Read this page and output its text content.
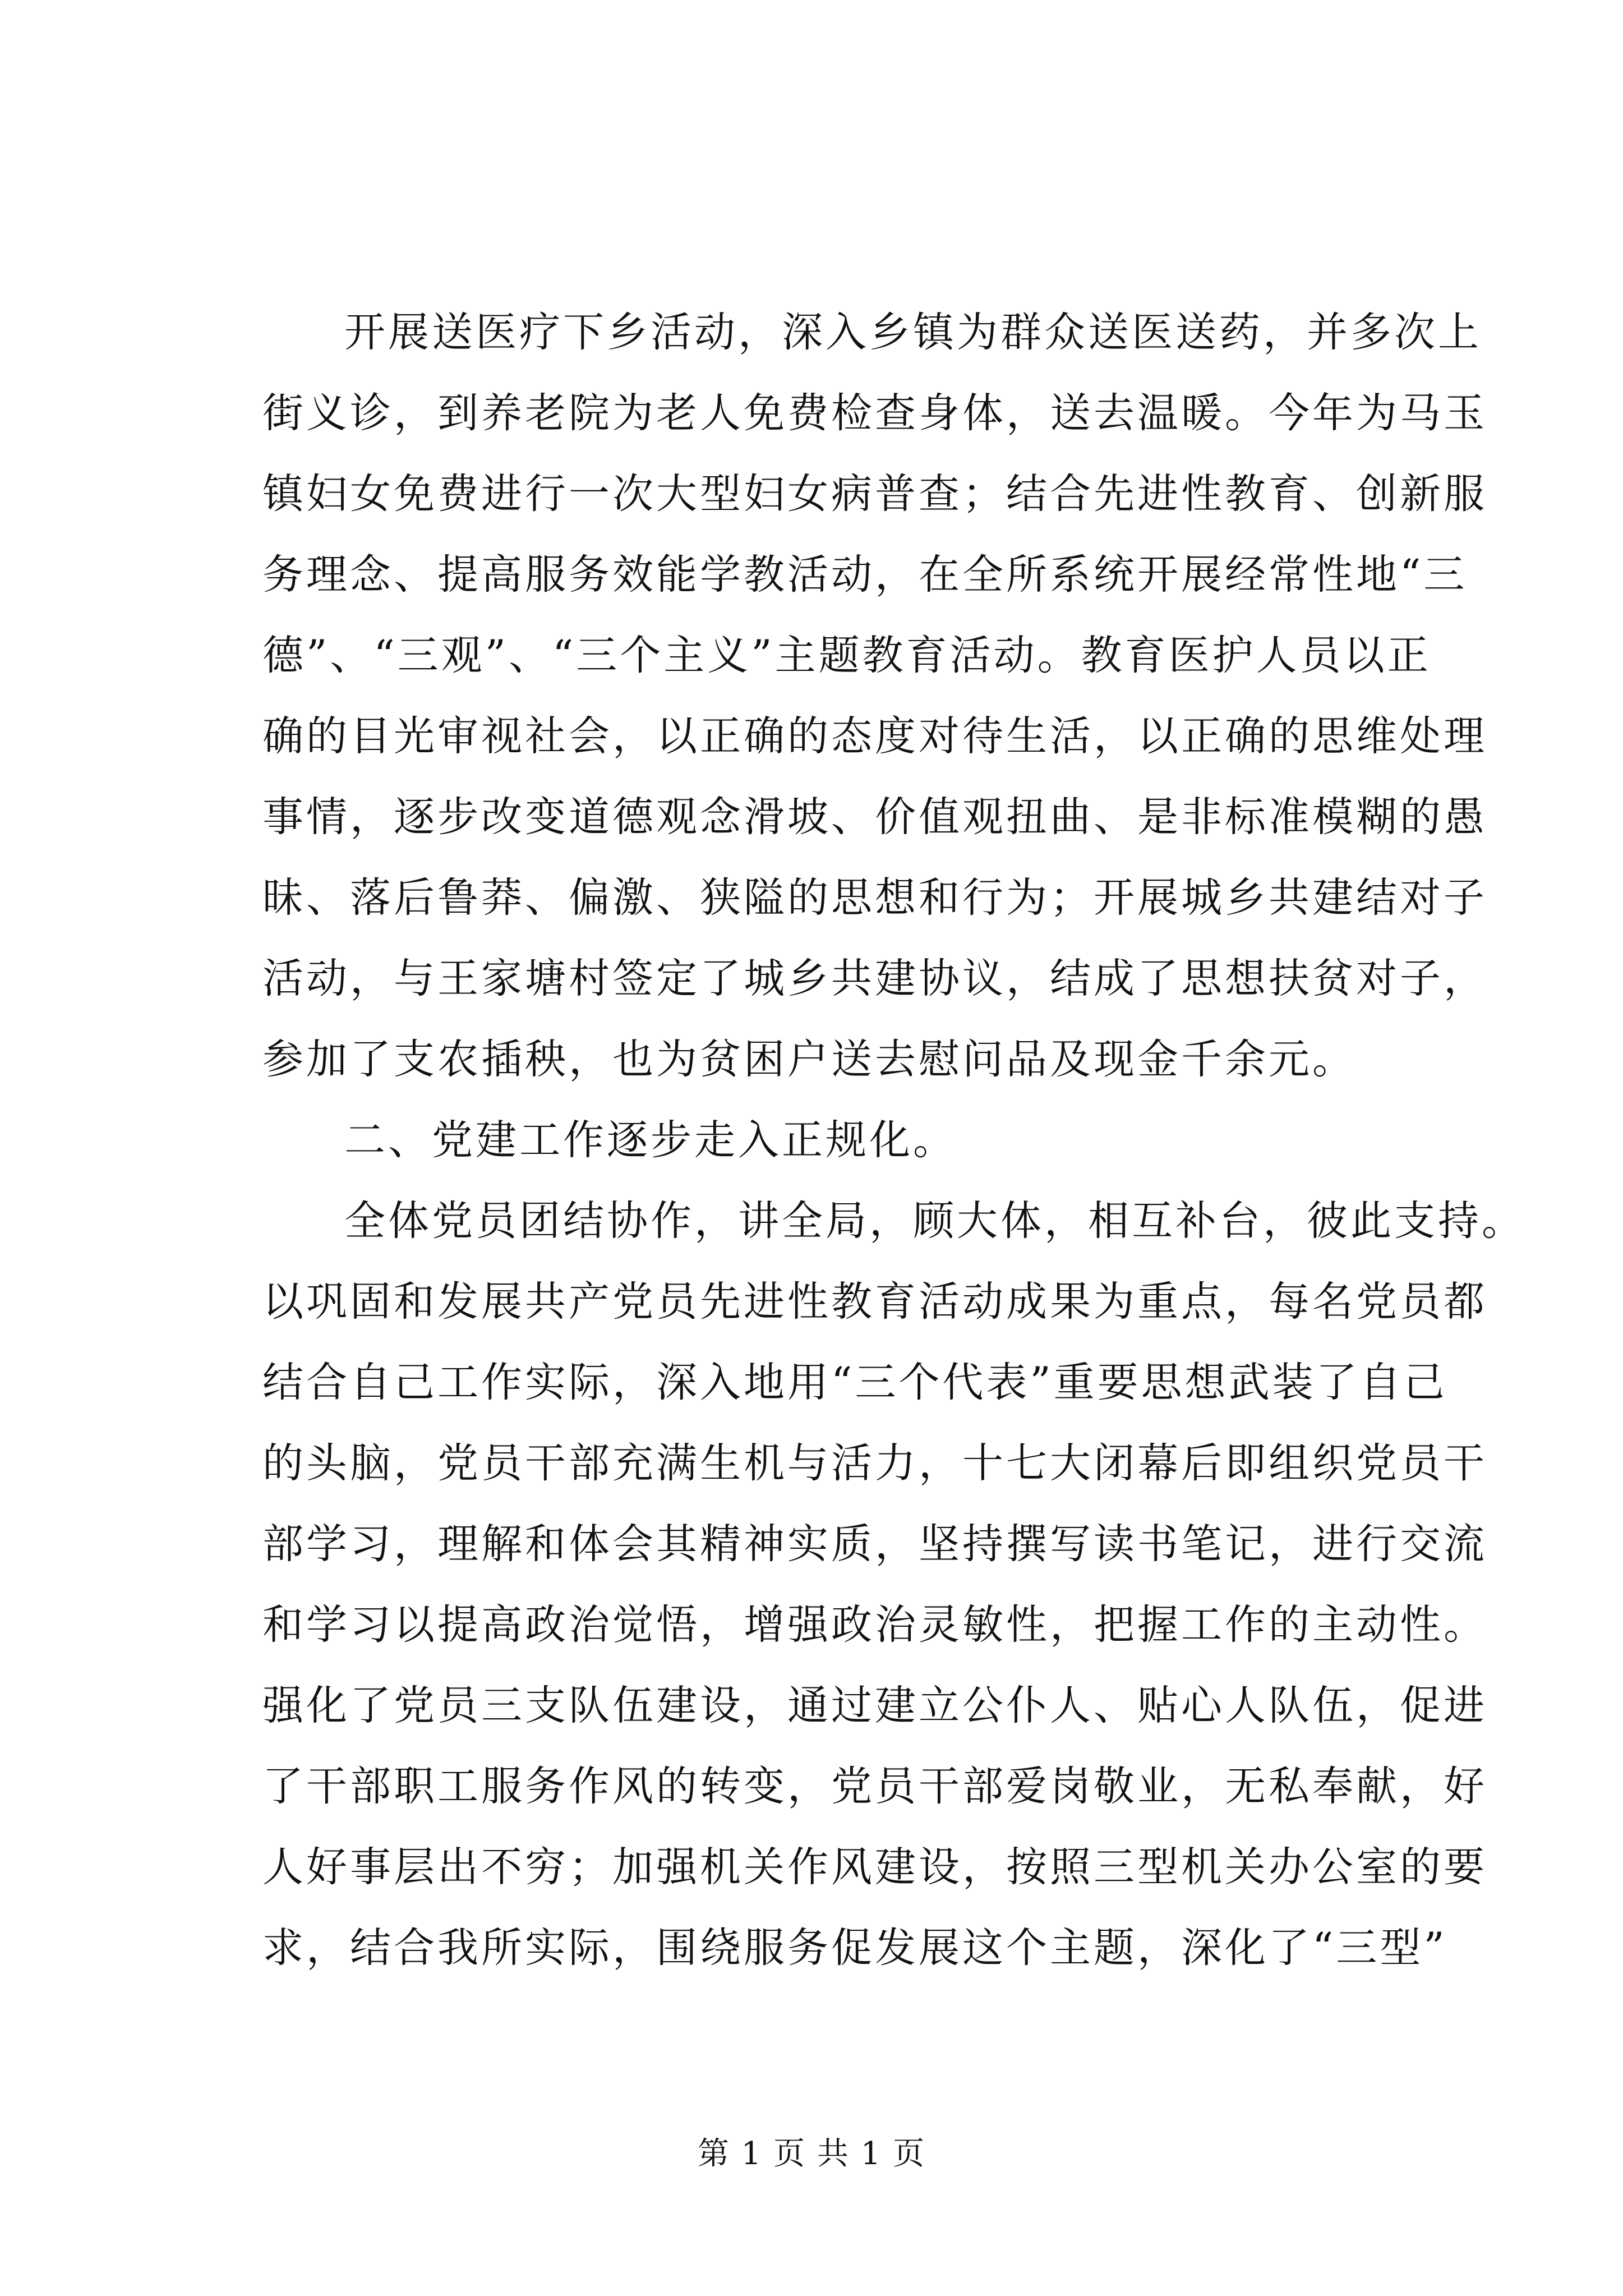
开展送医疗下乡活动，深入乡镇为群众送医送药，并多次上
街义诊，到养老院为老人免费检查身体，送去温暖。今年为马玉
镇妇女免费进行一次大型妇女病普查；结合先进性教育、创新服
务理念、提高服务效能学教活动，在全所系统开展经常性地“三
德”、“三观”、“三个主义”主题教育活动。教育医护人员以正
确的目光审视社会，以正确的态度对待生活，以正确的思维处理
事情，逐步改变道德观念滑坡、价值观扭曲、是非标准模糊的愚
昧、落后鲁莽、偏激、狭隘的思想和行为；开展城乡共建结对子
活动，与王家塘村签定了城乡共建协议，结成了思想扶贫对子，
参加了支农插秧，也为贫困户送去慰问品及现金千余元。
二、党建工作逐步走入正规化。
全体党员团结协作，讲全局，顾大体，相互补台，彼此支持。
以巩固和发展共产党员先进性教育活动成果为重点，每名党员都
结合自己工作实际，深入地用“三个代表”重要思想武装了自己
的头脑，党员干部充满生机与活力，十七大闭幕后即组织党员干
部学习，理解和体会其精神实质，坚持撰写读书笔记，进行交流
和学习以提高政治觉悟，增强政治灵敏性，把握工作的主动性。
强化了党员三支队伍建设，通过建立公仆人、贴心人队伍，促进
了干部职工服务作风的转变，党员干部爱岗敬业，无私奉献，好
人好事层出不穷；加强机关作风建设，按照三型机关办公室的要
求，结合我所实际，围绕服务促发展这个主题，深化了“三型”
第 1 页 共 1 页
